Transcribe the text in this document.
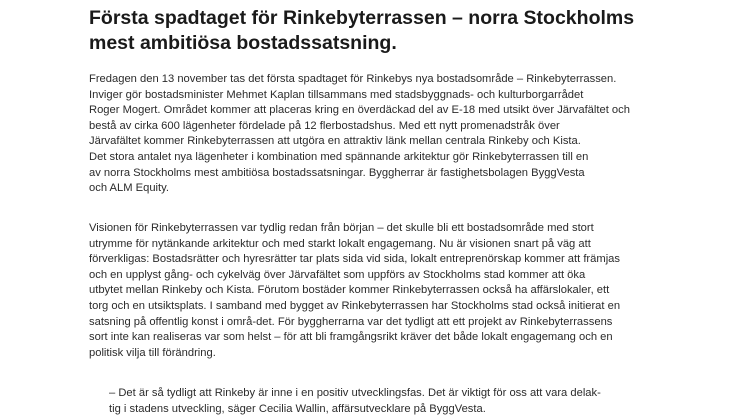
Första spadtaget för Rinkebyterrassen – norra Stockholms
mest ambitiösa bostadssatsning.
Fredagen den 13 november tas det första spadtaget för Rinkebys nya bostadsområde – Rinkebyterrassen.
Inviger gör bostadsminister Mehmet Kaplan tillsammans med stadsbyggnads- och kulturborgarrådet
Roger Mogert. Området kommer att placeras kring en överdäckad del av E-18 med utsikt över Järvafältet och
bestå av cirka 600 lägenheter fördelade på 12 flerbostadshus. Med ett nytt promenadstråk över
Järvafältet kommer Rinkebyterrassen att utgöra en attraktiv länk mellan centrala Rinkeby och Kista.
Det stora antalet nya lägenheter i kombination med spännande arkitektur gör Rinkebyterrassen till en
av norra Stockholms mest ambitiösa bostadssatsningar. Byggherrar är fastighetsbolagen ByggVesta
och ALM Equity.
Visionen för Rinkebyterrassen var tydlig redan från början – det skulle bli ett bostadsområde med stort
utrymme för nytänkande arkitektur och med starkt lokalt engagemang. Nu är visionen snart på väg att
förverkligas: Bostadsrätter och hyresrätter tar plats sida vid sida, lokalt entreprenörskap kommer att främjas
och en upplyst gång- och cykelväg över Järvafältet som uppförs av Stockholms stad kommer att öka
utbytet mellan Rinkeby och Kista. Förutom bostäder kommer Rinkebyterrassen också ha affärslokaler, ett
torg och en utsiktsplats. I samband med bygget av Rinkebyterrassen har Stockholms stad också initierat en
satsning på offentlig konst i områ-det. För byggherrarna var det tydligt att ett projekt av Rinkebyterrassens
sort inte kan realiseras var som helst – för att bli framgångsrikt kräver det både lokalt engagemang och en
politisk vilja till förändring.
– Det är så tydligt att Rinkeby är inne i en positiv utvecklingsfas. Det är viktigt för oss att vara delak-
tig i stadens utveckling, säger Cecilia Wallin, affärsutvecklare på ByggVesta.
